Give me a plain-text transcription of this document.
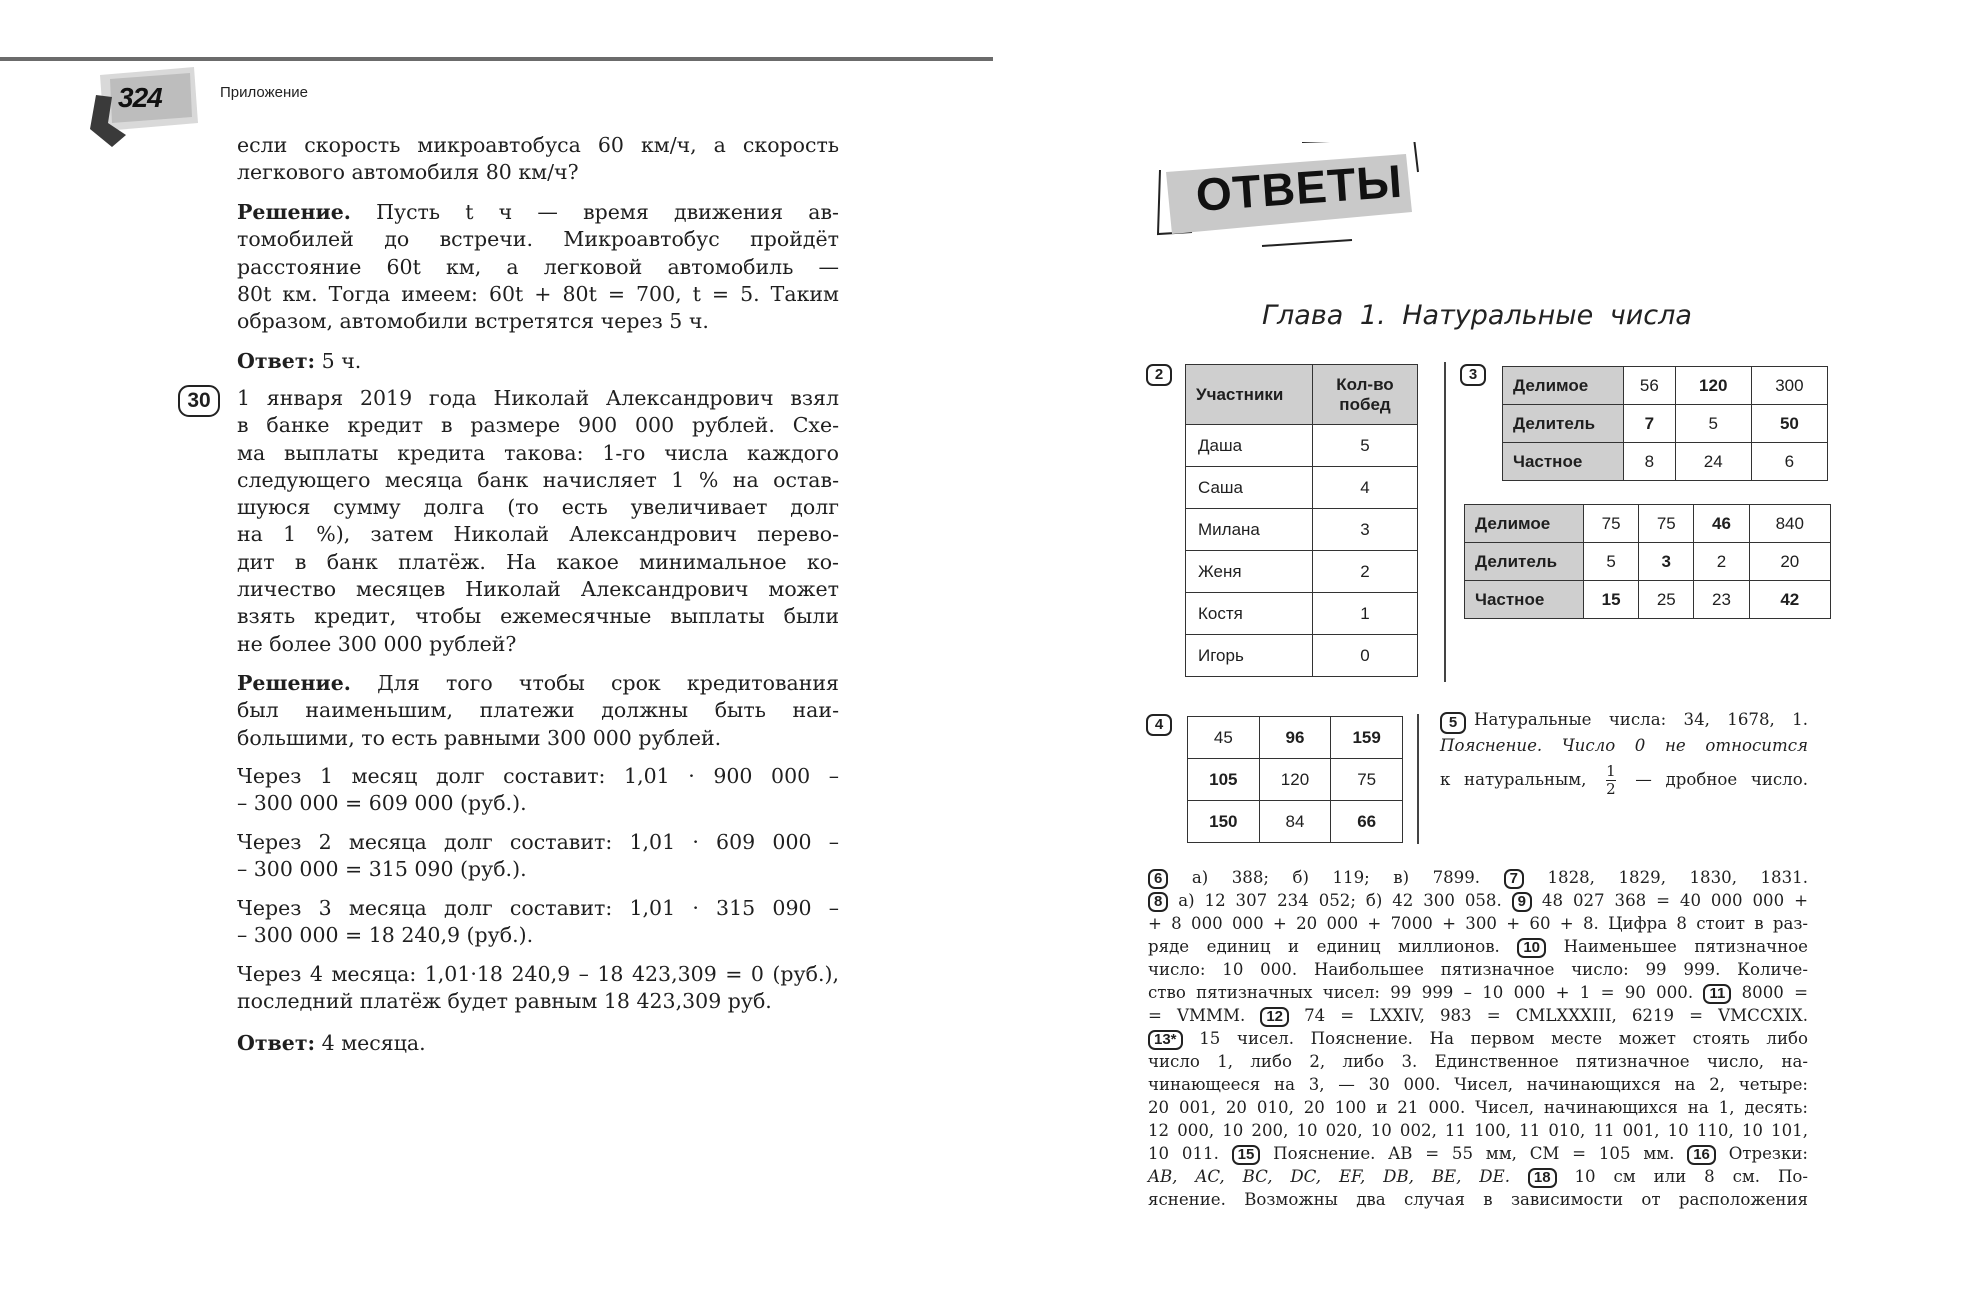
324	Приложение

если скорость микроавтобуса 60 км/ч, а скорость

легкового автомобиля 80 км/ч?

Решение. Пусть t ч — время движения ав-

томобилей до встречи. Микроавтобус пройдёт

расстояние 60t км, а легковой автомобиль —

80t км. Тогда имеем: 60t + 80t = 700, t = 5. Таким

образом, автомобили встретятся через 5 ч.

Ответ: 5 ч.

30	1 января 2019 года Николай Александрович взял

в банке кредит в размере 900 000 рублей. Схе-

ма выплаты кредита такова: 1-го числа каждого

следующего месяца банк начисляет 1 % на остав-

шуюся сумму долга (то есть увеличивает долг

на 1 %), затем Николай Александрович перево-

дит в банк платёж. На какое минимальное ко-

личество месяцев Николай Александрович может

взять кредит, чтобы ежемесячные выплаты были

не более 300 000 рублей?

Решение. Для того чтобы срок кредитования

был наименьшим, платежи должны быть наи-

большими, то есть равными 300 000 рублей.

Через 1 месяц долг составит: 1,01 · 900 000 –

– 300 000 = 609 000 (руб.).

Через 2 месяца долг составит: 1,01 · 609 000 –

– 300 000 = 315 090 (руб.).

Через 3 месяца долг составит: 1,01 · 315 090 –

– 300 000 = 18 240,9 (руб.).

Через 4 месяца: 1,01·18 240,9 – 18 423,309 = 0 (руб.),

последний платёж будет равным 18 423,309 руб.

Ответ: 4 месяца.

ОТВЕТЫ
Глава 1. Натуральные числа
2
Участники	Кол-во побед
Даша	5
Саша	4
Милана	3
Женя	2
Костя	1
Игорь	0
3
Делимое	56	120	300
Делитель	7	5	50
Частное	8	24	6
Делимое	75	75	46	840
Делитель	5	3	2	20
Частное	15	25	23	42
4
45	96	159
105	120	75
150	84	66
5	Натуральные числа: 34, 1678, 1.

Пояснение. Число 0 не относится

к натуральным, $\frac{1}{2}$ — дробное число.

6 а) 388; б) 119; в) 7899. 7 1828, 1829, 1830, 1831.

8 а) 12 307 234 052; б) 42 300 058. 9 48 027 368 = 40 000 000 +

+ 8 000 000 + 20 000 + 7000 + 300 + 60 + 8. Цифра 8 стоит в раз-

ряде единиц и единиц миллионов. 10 Наименьшее пятизначное

число: 10 000. Наибольшее пятизначное число: 99 999. Количе-

ство пятизначных чисел: 99 999 – 10 000 + 1 = 90 000. 11 8000 =

= VMMM. 12 74 = LXXIV, 983 = CMLXXXIII, 6219 = VMCCXIX.

13* 15 чисел. Пояснение. На первом месте может стоять либо

число 1, либо 2, либо 3. Единственное пятизначное число, на-

чинающееся на 3, — 30 000. Чисел, начинающихся на 2, четыре:

20 001, 20 010, 20 100 и 21 000. Чисел, начинающихся на 1, десять:

12 000, 10 200, 10 020, 10 002, 11 100, 11 010, 11 001, 10 110, 10 101,

10 011. 15 Пояснение. AB = 55 мм, CM = 105 мм. 16 Отрезки:

AB, AC, BC, DC, EF, DB, BE, DE. 18 10 см или 8 см. По-

яснение. Возможны два случая в зависимости от расположения
